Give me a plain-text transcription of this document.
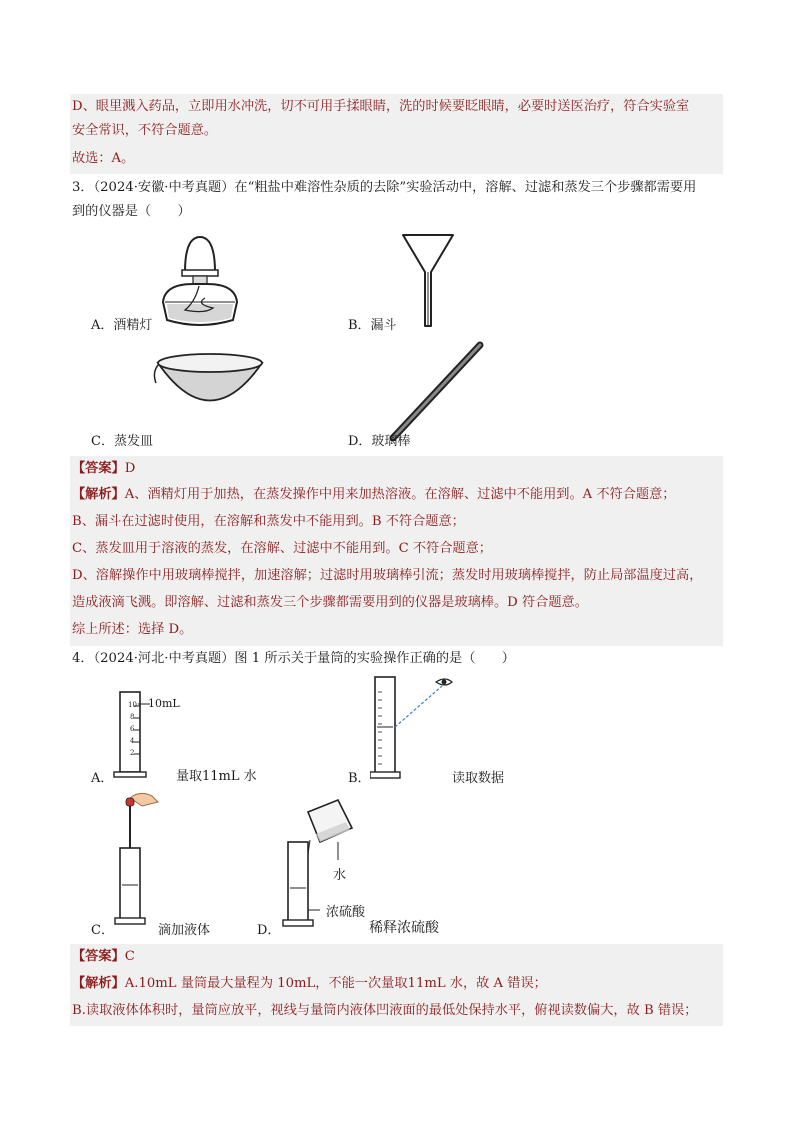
D、眼里溅入药品，立即用水冲洗，切不可用手揉眼睛，洗的时候要眨眼睛，必要时送医治疗，符合实验室
安全常识，不符合题意。
故选：A。
3．（2024·安徽·中考真题）在“粗盐中难溶性杂质的去除”实验活动中，溶解、过滤和蒸发三个步骤都需要用
到的仪器是（　　）
A．酒精灯	B．漏斗
C．蒸发皿	D．玻璃棒
【答案】D
【解析】A、酒精灯用于加热，在蒸发操作中用来加热溶液。在溶解、过滤中不能用到。A 不符合题意；
B、漏斗在过滤时使用，在溶解和蒸发中不能用到。B 不符合题意；
C、蒸发皿用于溶液的蒸发，在溶解、过滤中不能用到。C 不符合题意；
D、溶解操作中用玻璃棒搅拌，加速溶解；过滤时用玻璃棒引流；蒸发时用玻璃棒搅拌，防止局部温度过高，
造成液滴飞溅。即溶解、过滤和蒸发三个步骤都需要用到的仪器是玻璃棒。D 符合题意。
综上所述：选择 D。
4．（2024·河北·中考真题）图 1 所示关于量筒的实验操作正确的是（　　）
10
8
6
4
2
10mL
A．	量取11mL 水	B．	读取数据
C．	滴加液体
水
浓硫酸
D．	稀释浓硫酸
【答案】C
【解析】A.10mL 量筒最大量程为 10mL，不能一次量取11mL 水，故 A 错误；
B.读取液体体积时，量筒应放平，视线与量筒内液体凹液面的最低处保持水平，俯视读数偏大，故 B 错误；
